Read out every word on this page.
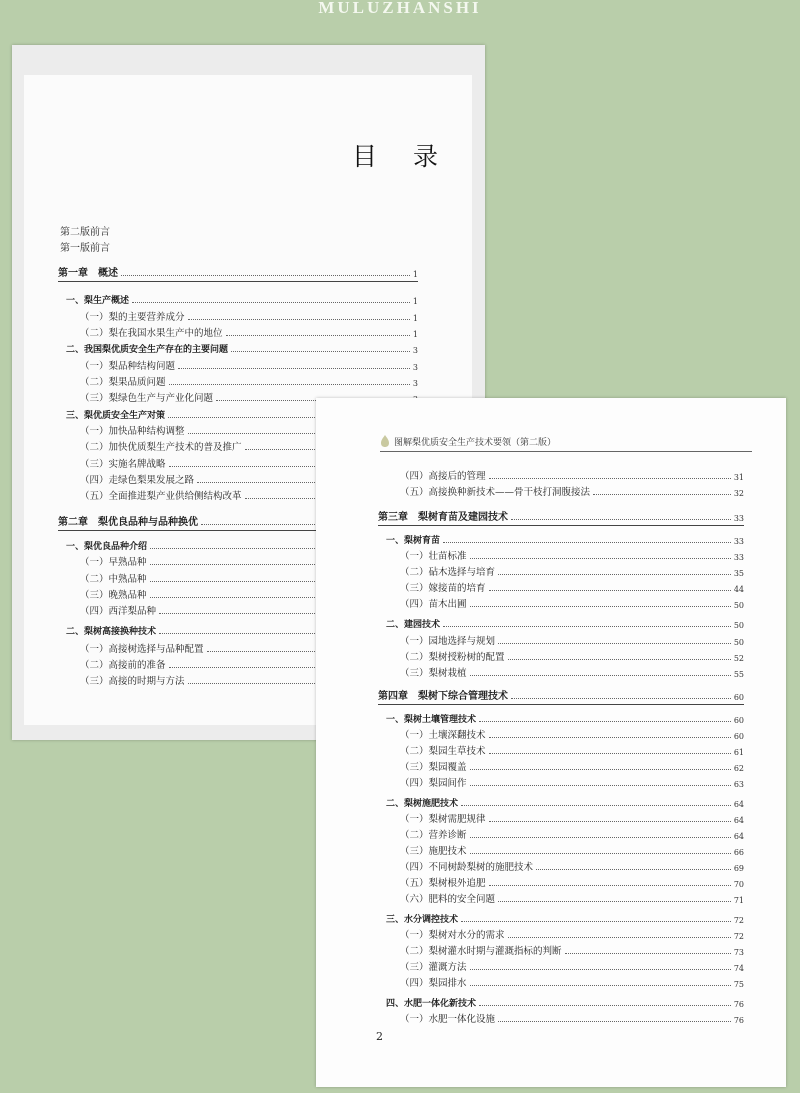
MULUZHANSHI
目 录
第二版前言
第一版前言
第一章　概述	1
一、梨生产概述	1
（一）梨的主要营养成分	1
（二）梨在我国水果生产中的地位	1
二、我国梨优质安全生产存在的主要问题	3
（一）梨品种结构问题	3
（二）梨果品质问题	3
（三）梨绿色生产与产业化问题
三、梨优质安全生产对策
（一）加快品种结构调整
（二）加快优质梨生产技术的普及推广
（三）实施名牌战略
（四）走绿色梨果发展之路
（五）全面推进梨产业供给侧结构改革
第二章　梨优良品种与品种换优
一、梨优良品种介绍
（一）早熟品种
（二）中熟品种
（三）晚熟品种
（四）西洋梨品种
二、梨树高接换种技术
（一）高接树选择与品种配置
（二）高接前的准备
（三）高接的时期与方法
图解梨优质安全生产技术要领（第二版）
（四）高接后的管理	31
（五）高接换种新技术——骨干枝打洞腹接法	32
第三章　梨树育苗及建园技术	33
一、梨树育苗	33
（一）壮苗标准	33
（二）砧木选择与培育	35
（三）嫁接苗的培育	44
（四）苗木出圃	50
二、建园技术	50
（一）园地选择与规划	50
（二）梨树授粉树的配置	52
（三）梨树栽植	55
第四章　梨树下综合管理技术	60
一、梨树土壤管理技术	60
（一）土壤深翻技术	60
（二）梨园生草技术	61
（三）梨园覆盖	62
（四）梨园间作	63
二、梨树施肥技术	64
（一）梨树需肥规律	64
（二）营养诊断	64
（三）施肥技术	66
（四）不同树龄梨树的施肥技术	69
（五）梨树根外追肥	70
（六）肥料的安全问题	71
三、水分调控技术	72
（一）梨树对水分的需求	72
（二）梨树灌水时期与灌溉指标的判断	73
（三）灌溉方法	74
（四）梨园排水	75
四、水肥一体化新技术	76
（一）水肥一体化设施	76
2
